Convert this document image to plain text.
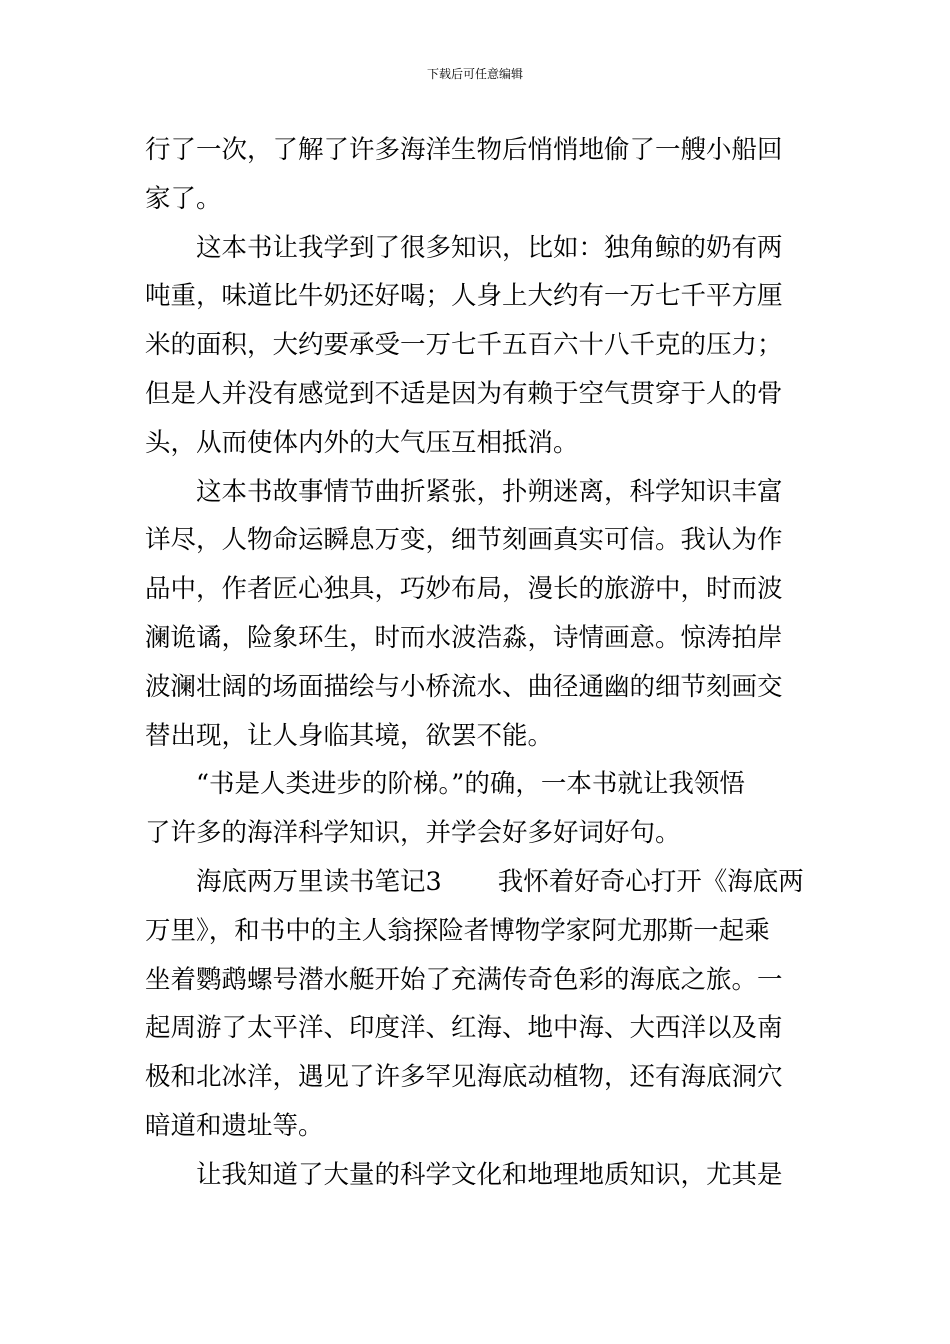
下载后可任意编辑
行了一次，了解了许多海洋生物后悄悄地偷了一艘小船回
家了。
这本书让我学到了很多知识，比如：独角鲸的奶有两
吨重，味道比牛奶还好喝；人身上大约有一万七千平方厘
米的面积，大约要承受一万七千五百六十八千克的压力；
但是人并没有感觉到不适是因为有赖于空气贯穿于人的骨
头，从而使体内外的大气压互相抵消。
这本书故事情节曲折紧张，扑朔迷离，科学知识丰富
详尽，人物命运瞬息万变，细节刻画真实可信。我认为作
品中，作者匠心独具，巧妙布局，漫长的旅游中，时而波
澜诡谲，险象环生，时而水波浩淼，诗情画意。惊涛拍岸
波澜壮阔的场面描绘与小桥流水、曲径通幽的细节刻画交
替出现，让人身临其境，欲罢不能。
“书是人类进步的阶梯。”的确，一本书就让我领悟
了许多的海洋科学知识，并学会好多好词好句。
海底两万里读书笔记3 我怀着好奇心打开《海底两
万里》，和书中的主人翁探险者博物学家阿尤那斯一起乘
坐着鹦鹉螺号潜水艇开始了充满传奇色彩的海底之旅。一
起周游了太平洋、印度洋、红海、地中海、大西洋以及南
极和北冰洋，遇见了许多罕见海底动植物，还有海底洞穴
暗道和遗址等。
让我知道了大量的科学文化和地理地质知识，尤其是
